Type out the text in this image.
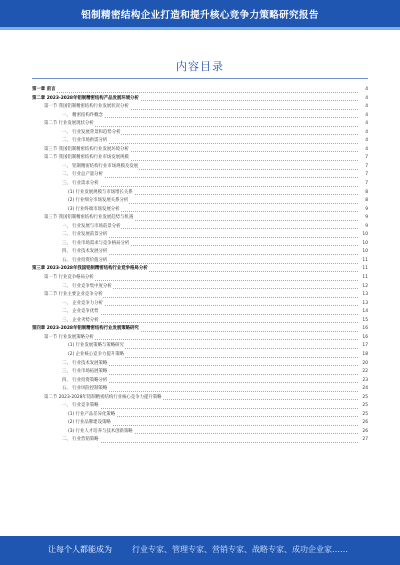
铝制精密结构企业打造和提升核心竞争力策略研究报告
内容目录
第一章 前言	4
第二章 2023-2028年铝制精密结构产品发展环境分析	4
第一节 我国铝制精密结构行业发展状况分析	4
一、 精密结构件概念	4
第二节 行业发展现状分析	4
一、 行业发展背景和趋势分析	4
二、 行业市场供需分析	4
第三节 我国铝制精密结构行业发展环境分析	4
第二节 我国铝制精密结构行业市场发展规模	7
一、 铝制精密结构行业市场规模及发展	7
二、 行业总产量分析	7
三、 行业需求分析	7
(1) 行业发展规模与市场增长关系	8
(2) 行业细分市场发展关系分析	8
(3) 行业终端市场发展分析	9
第三节 我国铝制精密结构行业发展趋势与机遇	9
一、 行业发展与市场前景分析	9
二、 行业发展前景分析	10
三、 行业市场需求与竞争格局分析	10
四、 行业技术发展分析	10
五、 行业投资价值分析	11
第三章 2023-2028年我国铝制精密结构行业竞争格局分析	11
第一节 行业竞争格局分析	11
二、 行业竞争集中度分析	12
第二节 行业主要企业竞争分析	13
一、 企业竞争力分析	13
二、 企业竞争优势	14
三、 企业劣势分析	15
第四章 2023-2028年铝制精密结构行业发展策略研究	16
第一节 行业发展策略分析	16
(1) 行业发展策略与策略研究	17
(2) 企业核心竞争力提升策略	18
二、 行业技术发展策略	20
三、 行业市场拓展策略	22
四、 行业投资策略分析	23
五、 行业风险控制策略	24
第二节 2023-2028年铝制精密结构行业核心竞争力提升策略	25
一、 行业竞争策略	25
(1) 行业产品差异化策略	25
(2) 行业品牌建设策略	26
(3) 行业人才培养与技术创新策略	26
二、 行业营销策略	27
让每个人都能成为	行业专家、管理专家、营销专家、战略专家、成功企业家……
